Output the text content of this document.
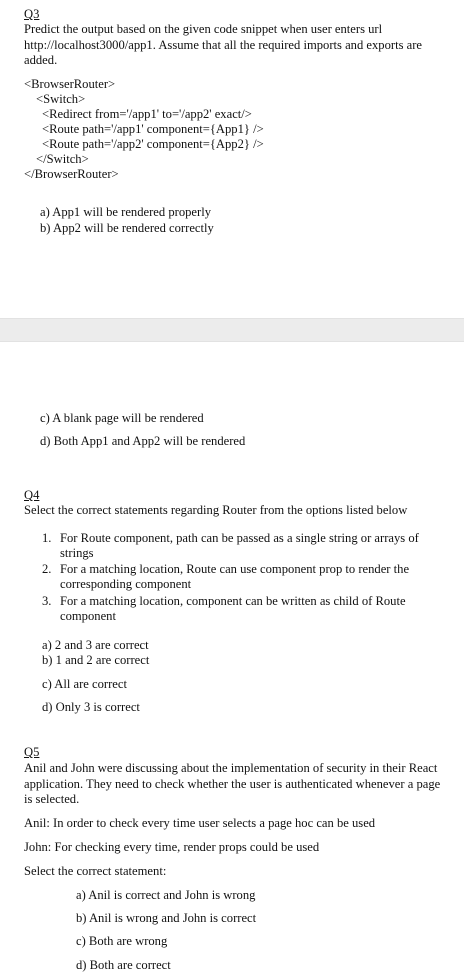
Q3
Predict the output based on the given code snippet when user enters url
http://localhost3000/app1. Assume that all the required imports and exports are
added.
<BrowserRouter>
<Switch>
<Redirect from='/app1' to='/app2' exact/>
<Route path='/app1' component={App1} />
<Route path='/app2' component={App2} />
</Switch>
</BrowserRouter>
a) App1 will be rendered properly
b) App2 will be rendered correctly
c) A blank page will be rendered
d) Both App1 and App2 will be rendered
Q4
Select the correct statements regarding Router from the options listed below
1. For Route component, path can be passed as a single string or arrays of
strings
2. For a matching location, Route can use component prop to render the
corresponding component
3. For a matching location, component can be written as child of Route
component
a) 2 and 3 are correct
b) 1 and 2 are correct
c) All are correct
d) Only 3 is correct
Q5
Anil and John were discussing about the implementation of security in their React
application. They need to check whether the user is authenticated whenever a page
is selected.
Anil: In order to check every time user selects a page hoc can be used
John: For checking every time, render props could be used
Select the correct statement:
a) Anil is correct and John is wrong
b) Anil is wrong and John is correct
c) Both are wrong
d) Both are correct
